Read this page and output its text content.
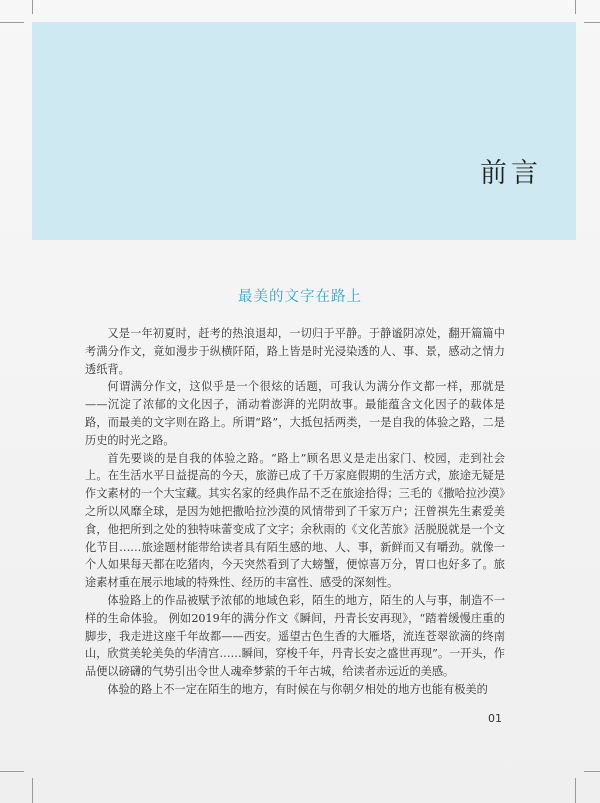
前言
最美的文字在路上

又是一年初夏时，赶考的热浪退却，一切归于平静。于静谧阴凉处，翻开篇篇中考满分作文，竟如漫步于纵横阡陌，路上皆是时光浸染透的人、事、景，感动之情力透纸背。

何谓满分作文，这似乎是一个很炫的话题，可我认为满分作文都一样，那就是——沉淀了浓郁的文化因子，涌动着澎湃的光阴故事。最能蕴含文化因子的载体是路，而最美的文字则在路上。所谓“路”，大抵包括两类，一是自我的体验之路，二是历史的时光之路。

首先要谈的是自我的体验之路。“路上”顾名思义是走出家门、校园，走到社会上。在生活水平日益提高的今天，旅游已成了千万家庭假期的生活方式，旅途无疑是作文素材的一个大宝藏。其实名家的经典作品不乏在旅途拾得；三毛的《撒哈拉沙漠》之所以风靡全球，是因为她把撒哈拉沙漠的风情带到了千家万户；汪曾祺先生素爱美食，他把所到之处的独特味蕾变成了文字；余秋雨的《文化苦旅》活脱脱就是一个文化节目……旅途题材能带给读者具有陌生感的地、人、事，新鲜而又有嚼劲。就像一个人如果每天都在吃猪肉，今天突然看到了大螃蟹，便惊喜万分，胃口也好多了。旅途素材重在展示地域的特殊性、经历的丰富性、感受的深刻性。

体验路上的作品被赋予浓郁的地域色彩，陌生的地方，陌生的人与事，制造不一样的生命体验。 例如2019年的满分作文《瞬间，丹青长安再现》，“踏着缓慢庄重的脚步，我走进这座千年故都——西安。遥望古色生香的大雁塔，流连苍翠欲滴的终南山，欣赏美轮美奂的华清宫……瞬间，穿梭千年，丹青长安之盛世再现”。一开头，作品便以磅礴的气势引出令世人魂牵梦萦的千年古城，给读者赤远近的美感。

体验的路上不一定在陌生的地方，有时候在与你朝夕相处的地方也能有极美的

01
